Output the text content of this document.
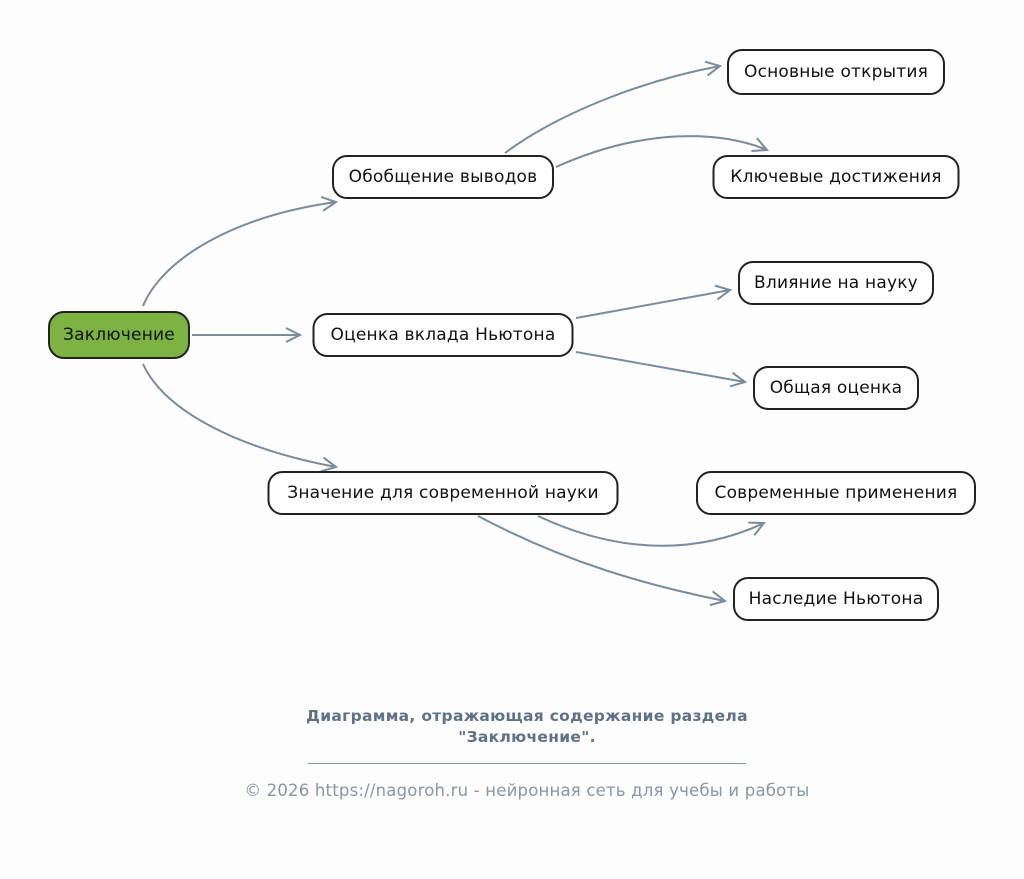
Заключение
Обобщение выводов
Основные открытия
Ключевые достижения
Оценка вклада Ньютона
Влияние на науку
Общая оценка
Значение для современной науки	Современные применения
Наследие Ньютона
Диаграмма, отражающая содержание раздела
"Заключение".
© 2026 https://nagoroh.ru - нейронная сеть для учебы и работы
